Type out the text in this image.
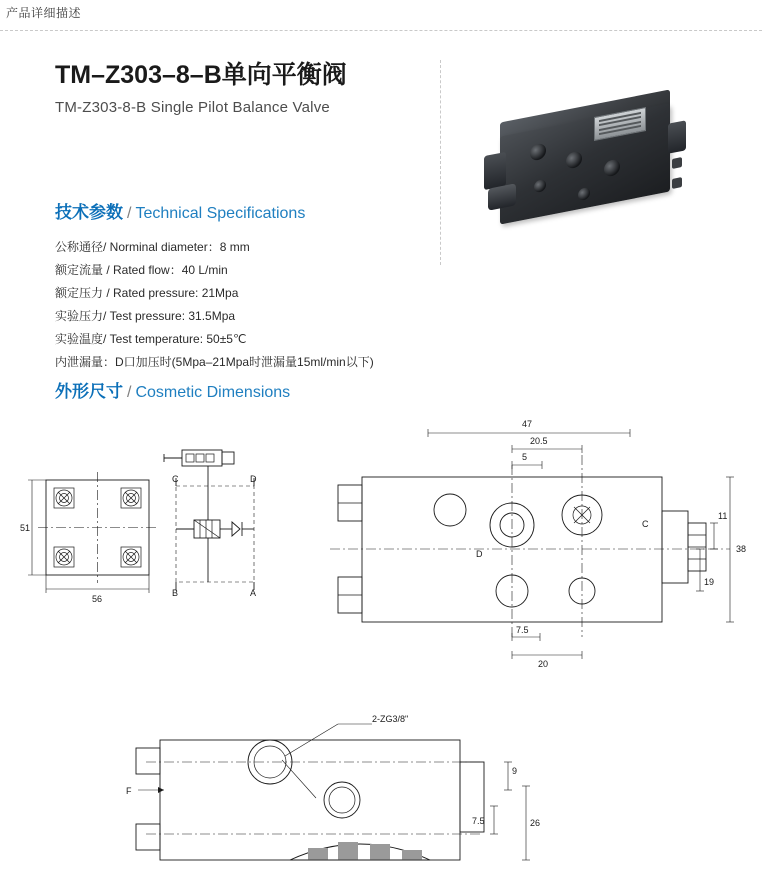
产品详细描述
TM–Z303–8–B单向平衡阀
TM-Z303-8-B Single Pilot Balance Valve
技术参数 / Technical Specifications
公称通径/ Norminal diameter：8 mm
额定流量 / Rated flow：40 L/min
额定压力 / Rated pressure: 21Mpa
实验压力/ Test pressure: 31.5Mpa
实验温度/ Test temperature: 50±5℃
内泄漏量：D口加压时(5Mpa–21Mpa时泄漏量15ml/min以下)
外形尺寸 / Cosmetic Dimensions
51
56
C	D
B	A
D
C
47
20.5
5
38
11
19
7.5
20
2-ZG3/8"
F
9
7.5	26
